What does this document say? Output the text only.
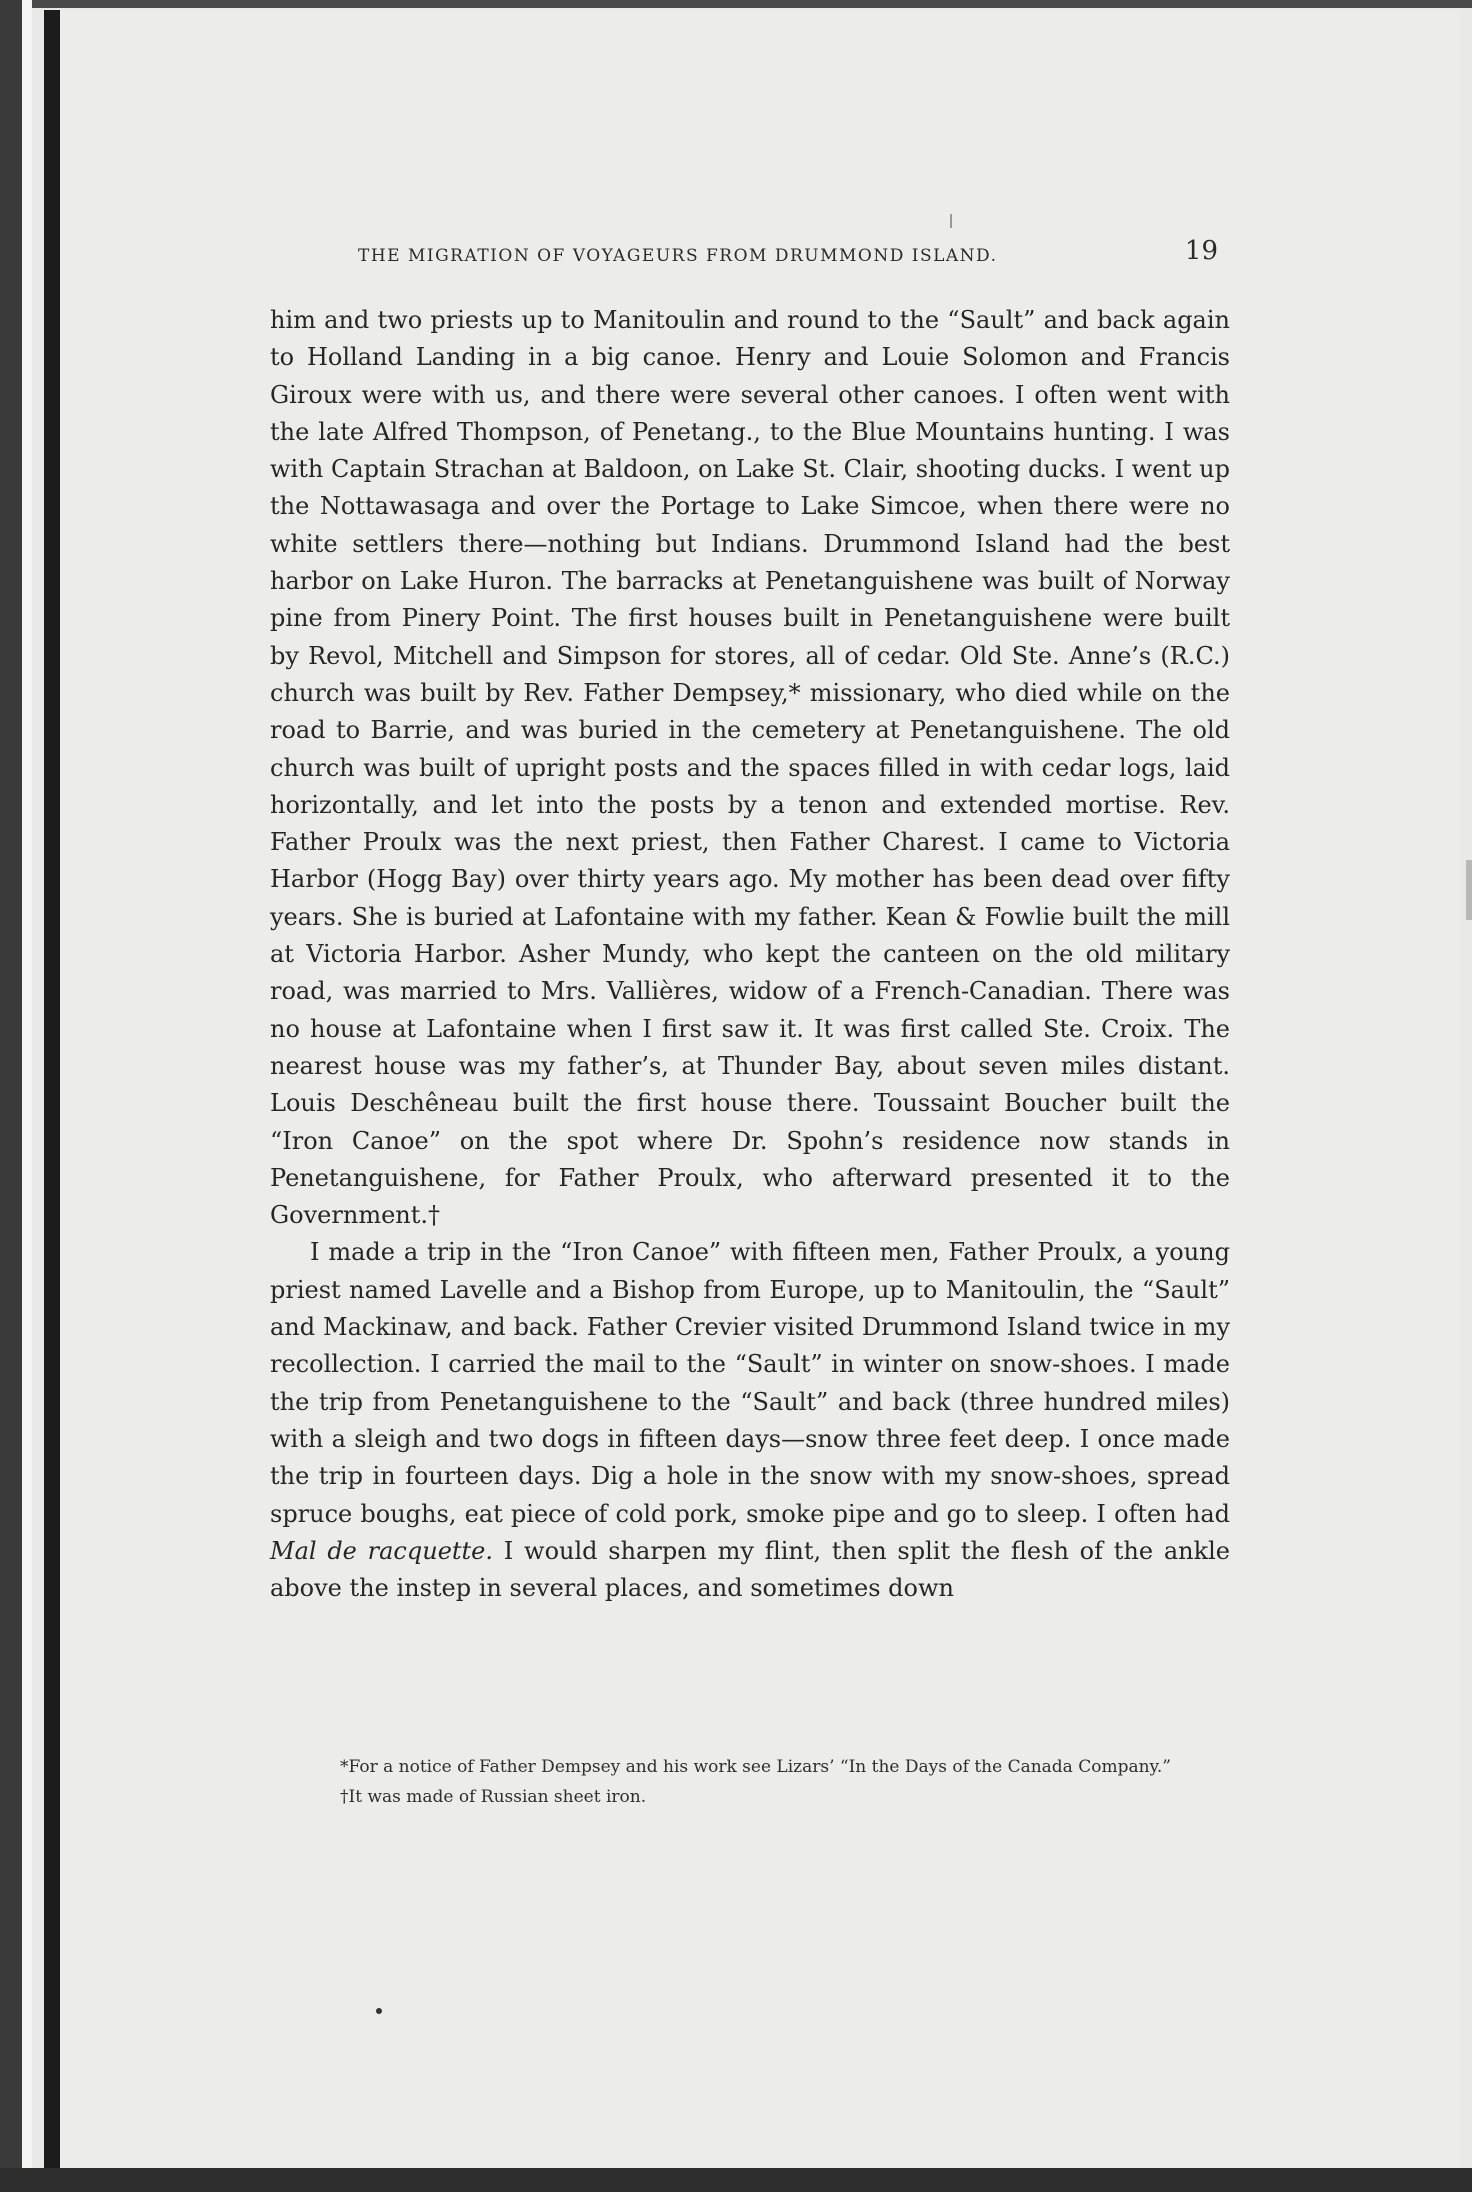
THE MIGRATION OF VOYAGEURS FROM DRUMMOND ISLAND.	19

him and two priests up to Manitoulin and round to the “Sault” and back again to Holland Landing in a big canoe. Henry and Louie Solomon and Francis Giroux were with us, and there were several other canoes. I often went with the late Alfred Thompson, of Penetang., to the Blue Mountains hunting. I was with Captain Strachan at Baldoon, on Lake St. Clair, shooting ducks. I went up the Nottawasaga and over the Portage to Lake Simcoe, when there were no white settlers there—nothing but Indians. Drummond Island had the best harbor on Lake Huron. The barracks at Penetanguishene was built of Norway pine from Pinery Point. The first houses built in Penetanguishene were built by Revol, Mitchell and Simpson for stores, all of cedar. Old Ste. Anne’s (R.C.) church was built by Rev. Father Dempsey,* missionary, who died while on the road to Barrie, and was buried in the cemetery at Penetanguishene. The old church was built of upright posts and the spaces filled in with cedar logs, laid horizontally, and let into the posts by a tenon and extended mortise. Rev. Father Proulx was the next priest, then Father Charest. I came to Victoria Harbor (Hogg Bay) over thirty years ago. My mother has been dead over fifty years. She is buried at Lafontaine with my father. Kean & Fowlie built the mill at Victoria Harbor. Asher Mundy, who kept the canteen on the old military road, was married to Mrs. Vallières, widow of a French-Canadian. There was no house at Lafontaine when I first saw it. It was first called Ste. Croix. The nearest house was my father’s, at Thunder Bay, about seven miles distant. Louis Deschêneau built the first house there. Toussaint Boucher built the “Iron Canoe” on the spot where Dr. Spohn’s residence now stands in Penetanguishene, for Father Proulx, who afterward presented it to the Government.†

I made a trip in the “Iron Canoe” with fifteen men, Father Proulx, a young priest named Lavelle and a Bishop from Europe, up to Manitoulin, the “Sault” and Mackinaw, and back. Father Crevier visited Drummond Island twice in my recollection. I carried the mail to the “Sault” in winter on snow-shoes. I made the trip from Penetanguishene to the “Sault” and back (three hundred miles) with a sleigh and two dogs in fifteen days—snow three feet deep. I once made the trip in fourteen days. Dig a hole in the snow with my snow-shoes, spread spruce boughs, eat piece of cold pork, smoke pipe and go to sleep. I often had Mal de racquette. I would sharpen my flint, then split the flesh of the ankle above the instep in several places, and sometimes down

*For a notice of Father Dempsey and his work see Lizars’ “In the Days of the Canada Company.”

†It was made of Russian sheet iron.
